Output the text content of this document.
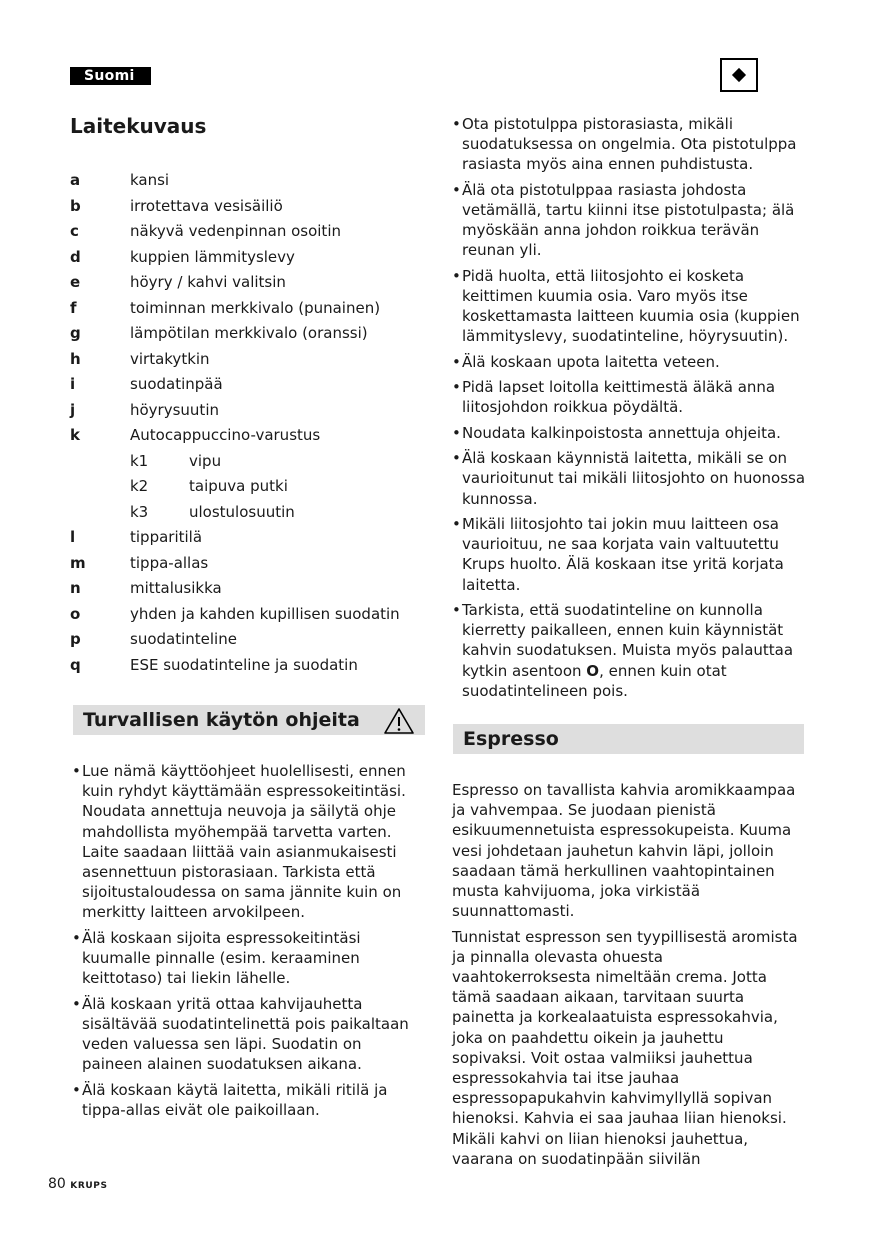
Suomi
Laitekuvaus
a	kansi
b	irrotettava vesisäiliö
c	näkyvä vedenpinnan osoitin
d	kuppien lämmityslevy
e	höyry / kahvi valitsin
f	toiminnan merkkivalo (punainen)
g	lämpötilan merkkivalo (oranssi)
h	virtakytkin
i	suodatinpää
j	höyrysuutin
k	Autocappuccino-varustus
k1	vipu
k2	taipuva putki
k3	ulostulosuutin
l	tipparitilä
m	tippa-allas
n	mittalusikka
o	yhden ja kahden kupillisen suodatin
p	suodatinteline
q	ESE suodatinteline ja suodatin
Turvallisen käytön ohjeita
• Lue nämä käyttöohjeet huolellisesti, ennen kuin ryhdyt käyttämään espressokeitintäsi. Noudata annettuja neuvoja ja säilytä ohje mahdollista myöhempää tarvetta varten. Laite saadaan liittää vain asianmukaisesti asennettuun pistorasiaan. Tarkista että sijoitustaloudessa on sama jännite kuin on merkitty laitteen arvokilpeen.
• Älä koskaan sijoita espressokeitintäsi kuumalle pinnalle (esim. keraaminen keittotaso) tai liekin lähelle.
• Älä koskaan yritä ottaa kahvijauhetta sisältävää suodatintelinettä pois paikaltaan veden valuessa sen läpi. Suodatin on paineen alainen suodatuksen aikana.
• Älä koskaan käytä laitetta, mikäli ritilä ja tippa-allas eivät ole paikoillaan.
• Ota pistotulppa pistorasiasta, mikäli suodatuksessa on ongelmia. Ota pistotulppa rasiasta myös aina ennen puhdistusta.
• Älä ota pistotulppaa rasiasta johdosta vetämällä, tartu kiinni itse pistotulpasta; älä myöskään anna johdon roikkua terävän reunan yli.
• Pidä huolta, että liitosjohto ei kosketa keittimen kuumia osia. Varo myös itse koskettamasta laitteen kuumia osia (kuppien lämmityslevy, suodatinteline, höyrysuutin).
• Älä koskaan upota laitetta veteen.
• Pidä lapset loitolla keittimestä äläkä anna liitosjohdon roikkua pöydältä.
• Noudata kalkinpoistosta annettuja ohjeita.
• Älä koskaan käynnistä laitetta, mikäli se on vaurioitunut tai mikäli liitosjohto on huonossa kunnossa.
• Mikäli liitosjohto tai jokin muu laitteen osa vaurioituu, ne saa korjata vain valtuutettu Krups huolto. Älä koskaan itse yritä korjata laitetta.
• Tarkista, että suodatinteline on kunnolla kierretty paikalleen, ennen kuin käynnistät kahvin suodatuksen. Muista myös palauttaa kytkin asentoon O, ennen kuin otat suodatintelineen pois.
Espresso

Espresso on tavallista kahvia aromikkaampaa ja vahvempaa. Se juodaan pienistä esikuumennetuista espressokupeista. Kuuma vesi johdetaan jauhetun kahvin läpi, jolloin saadaan tämä herkullinen vaahtopintainen musta kahvijuoma, joka virkistää suunnattomasti.

Tunnistat espresson sen tyypillisestä aromista ja pinnalla olevasta ohuesta vaahtokerroksesta nimeltään crema. Jotta tämä saadaan aikaan, tarvitaan suurta painetta ja korkealaatuista espressokahvia, joka on paahdettu oikein ja jauhettu sopivaksi. Voit ostaa valmiiksi jauhettua espressokahvia tai itse jauhaa espressopapukahvin kahvimyllyllä sopivan hienoksi. Kahvia ei saa jauhaa liian hienoksi. Mikäli kahvi on liian hienoksi jauhettua, vaarana on suodatinpään siivilän

80 KRUPS
